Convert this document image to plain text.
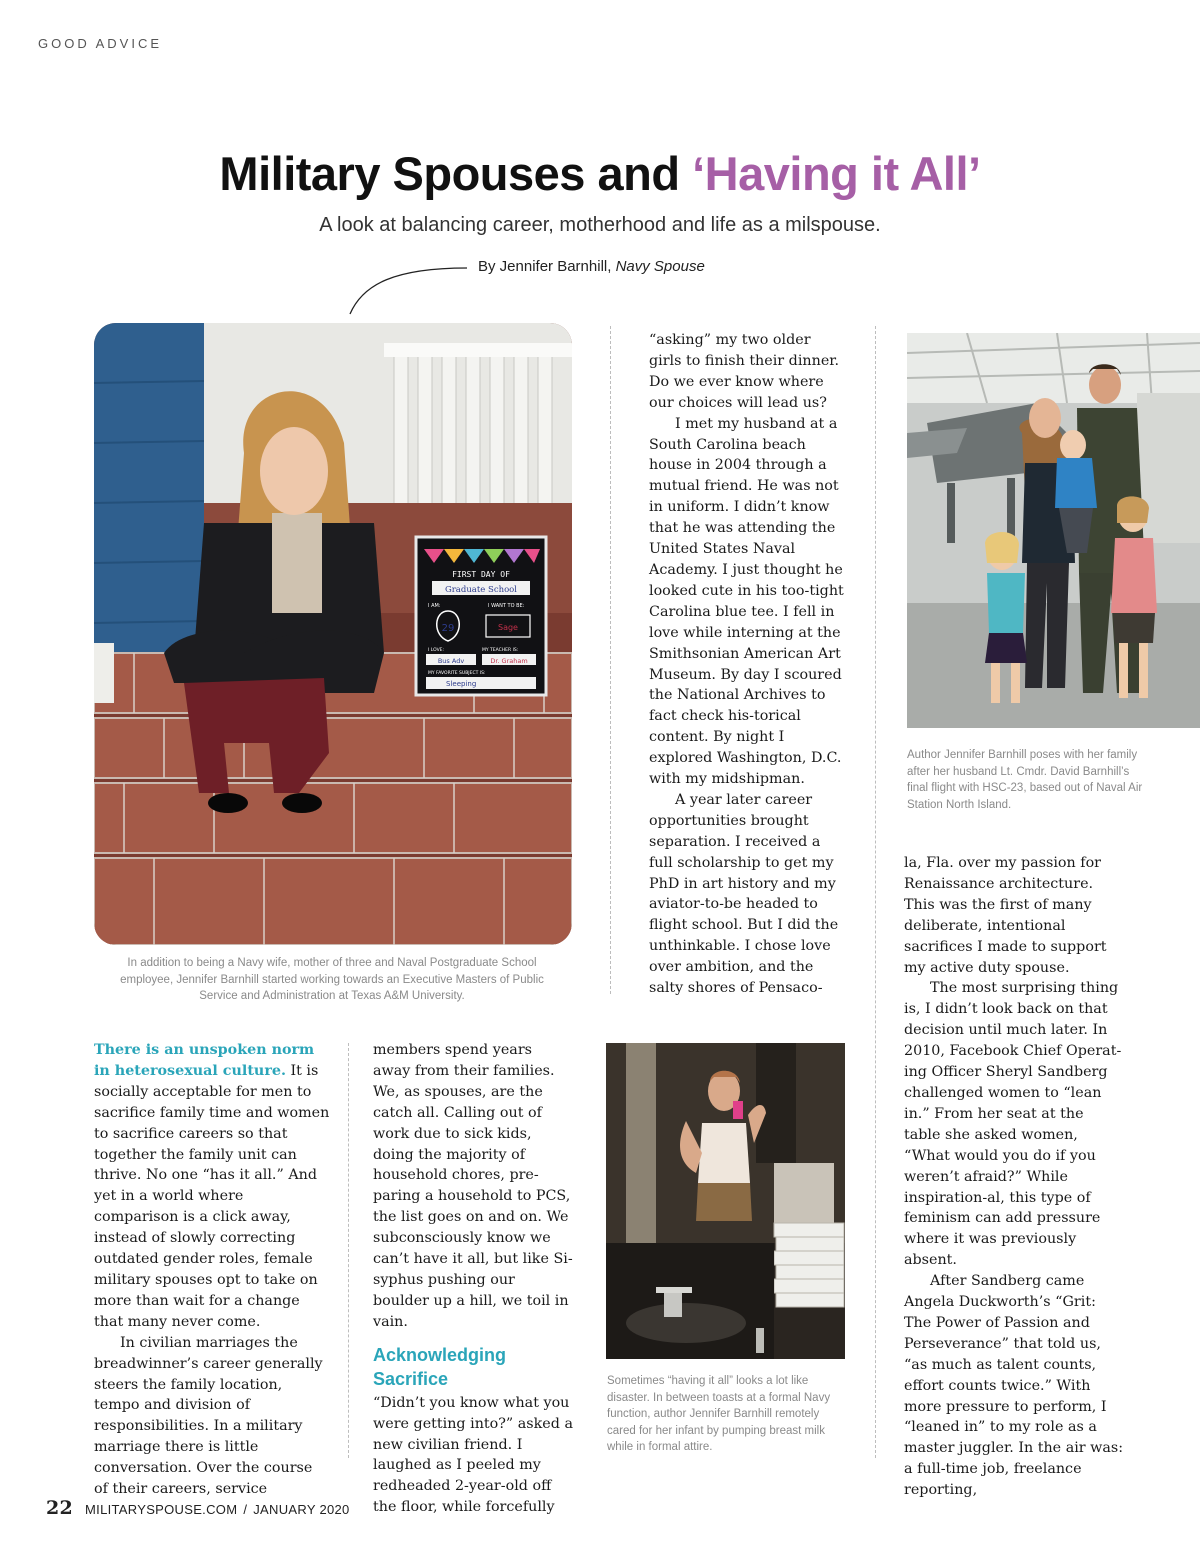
GOOD ADVICE
Military Spouses and ‘Having it All’
A look at balancing career, motherhood and life as a milspouse.
By Jennifer Barnhill, Navy Spouse
FIRST DAY OF
Graduate School
I AM:	I WANT TO BE:
29	Sage
I LOVE:	MY TEACHER IS:
Bus Adv	Dr. Graham
MY FAVORITE SUBJECT IS:
Sleeping
In addition to being a Navy wife, mother of three and Naval Postgraduate School employee, Jennifer Barnhill started working towards an Executive Masters of Public Service and Administration at Texas A&M University.
Author Jennifer Barnhill poses with her family after her husband Lt. Cmdr. David Barnhill’s final flight with HSC-23, based out of Naval Air Station North Island.
Sometimes “having it all” looks a lot like disaster. In between toasts at a formal Navy function, author Jennifer Barnhill remotely cared for her infant by pumping breast milk while in formal attire.

“asking” my two older girls to finish their dinner. Do we ever know where our choices will lead us?

I met my husband at a South Carolina beach house in 2004 through a mutual friend. He was not in uniform. I didn’t know that he was attending the United States Naval Academy. I just thought he looked cute in his too-tight Carolina blue tee. I fell in love while interning at the Smithsonian American Art Museum. By day I scoured the National Archives to fact check his-torical content. By night I explored Washington, D.C. with my midshipman.

A year later career opportunities brought separation. I received a full scholarship to get my PhD in art history and my aviator-to-be headed to flight school. But I did the unthinkable. I chose love over ambition, and the salty shores of Pensaco-

There is an unspoken norm in heterosexual culture. It is socially acceptable for men to sacrifice family time and women to sacrifice careers so that together the family unit can thrive. No one “has it all.” And yet in a world where comparison is a click away, instead of slowly correcting outdated gender roles, female military spouses opt to take on more than wait for a change that many never come.

In civilian marriages the breadwinner’s career generally steers the family location, tempo and division of responsibilities. In a military marriage there is little conversation. Over the course of their careers, service

members spend years away from their families. We, as spouses, are the catch all. Calling out of work due to sick kids, doing the majority of household chores, pre-paring a household to PCS, the list goes on and on. We subconsciously know we can’t have it all, but like Si-syphus pushing our boulder up a hill, we toil in vain.

Acknowledging Sacrifice

“Didn’t you know what you were getting into?” asked a new civilian friend. I laughed as I peeled my redheaded 2-year-old off the floor, while forcefully

la, Fla. over my passion for Renaissance architecture. This was the first of many deliberate, intentional sacrifices I made to support my active duty spouse.

The most surprising thing is, I didn’t look back on that decision until much later. In 2010, Facebook Chief Operat-ing Officer Sheryl Sandberg challenged women to “lean in.” From her seat at the table she asked women, “What would you do if you weren’t afraid?” While inspiration-al, this type of feminism can add pressure where it was previously absent.

After Sandberg came Angela Duckworth’s “Grit: The Power of Passion and Perseverance” that told us, “as much as talent counts, effort counts twice.” With more pressure to perform, I “leaned in” to my role as a master juggler. In the air was: a full-time job, freelance reporting,

22 MILITARYSPOUSE.COM / JANUARY 2020
